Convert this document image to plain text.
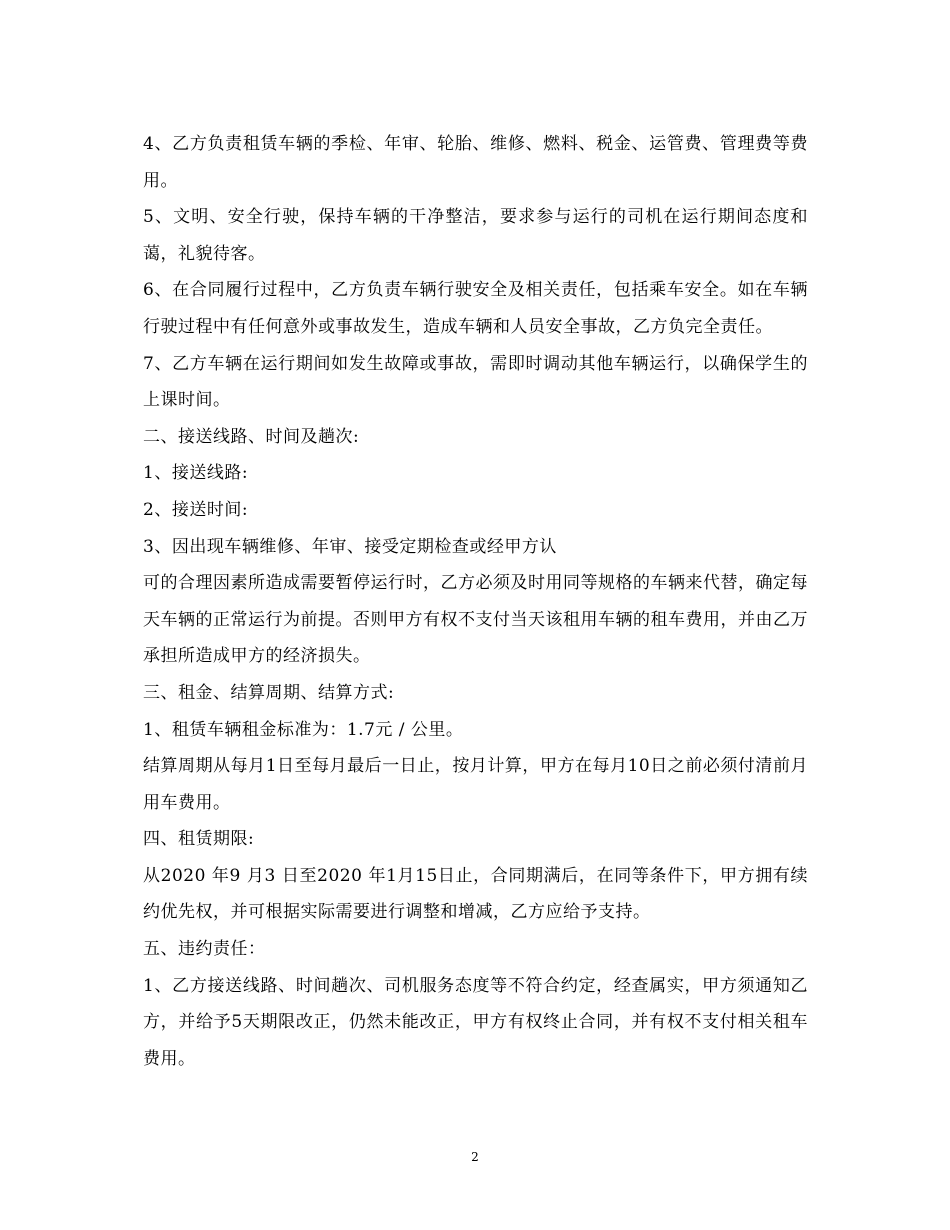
4、乙方负责租赁车辆的季检、年审、轮胎、维修、燃料、税金、运管费、管理费等费用。

5、文明、安全行驶，保持车辆的干净整洁，要求参与运行的司机在运行期间态度和蔼，礼貌待客。

6、在合同履行过程中，乙方负责车辆行驶安全及相关责任，包括乘车安全。如在车辆行驶过程中有任何意外或事故发生，造成车辆和人员安全事故，乙方负完全责任。

7、乙方车辆在运行期间如发生故障或事故，需即时调动其他车辆运行，以确保学生的上课时间。

二、接送线路、时间及趟次:

1、接送线路:

2、接送时间:

3、因出现车辆维修、年审、接受定期检查或经甲方认

可的合理因素所造成需要暂停运行时，乙方必须及时用同等规格的车辆来代替，确定每天车辆的正常运行为前提。否则甲方有权不支付当天该租用车辆的租车费用，并由乙万承担所造成甲方的经济损失。

三、租金、结算周期、结算方式:

1、租赁车辆租金标准为：1.7元 / 公里。

结算周期从每月1日至每月最后一日止，按月计算，甲方在每月10日之前必须付清前月用车费用。

四、租赁期限:

从2020 年9 月3 日至2020 年1月15日止，合同期满后，在同等条件下，甲方拥有续约优先权，并可根据实际需要进行调整和增减，乙方应给予支持。

五、违约责任：

1、乙方接送线路、时间趟次、司机服务态度等不符合约定，经查属实，甲方须通知乙方，并给予5天期限改正，仍然未能改正，甲方有权终止合同，并有权不支付相关租车费用。

2
